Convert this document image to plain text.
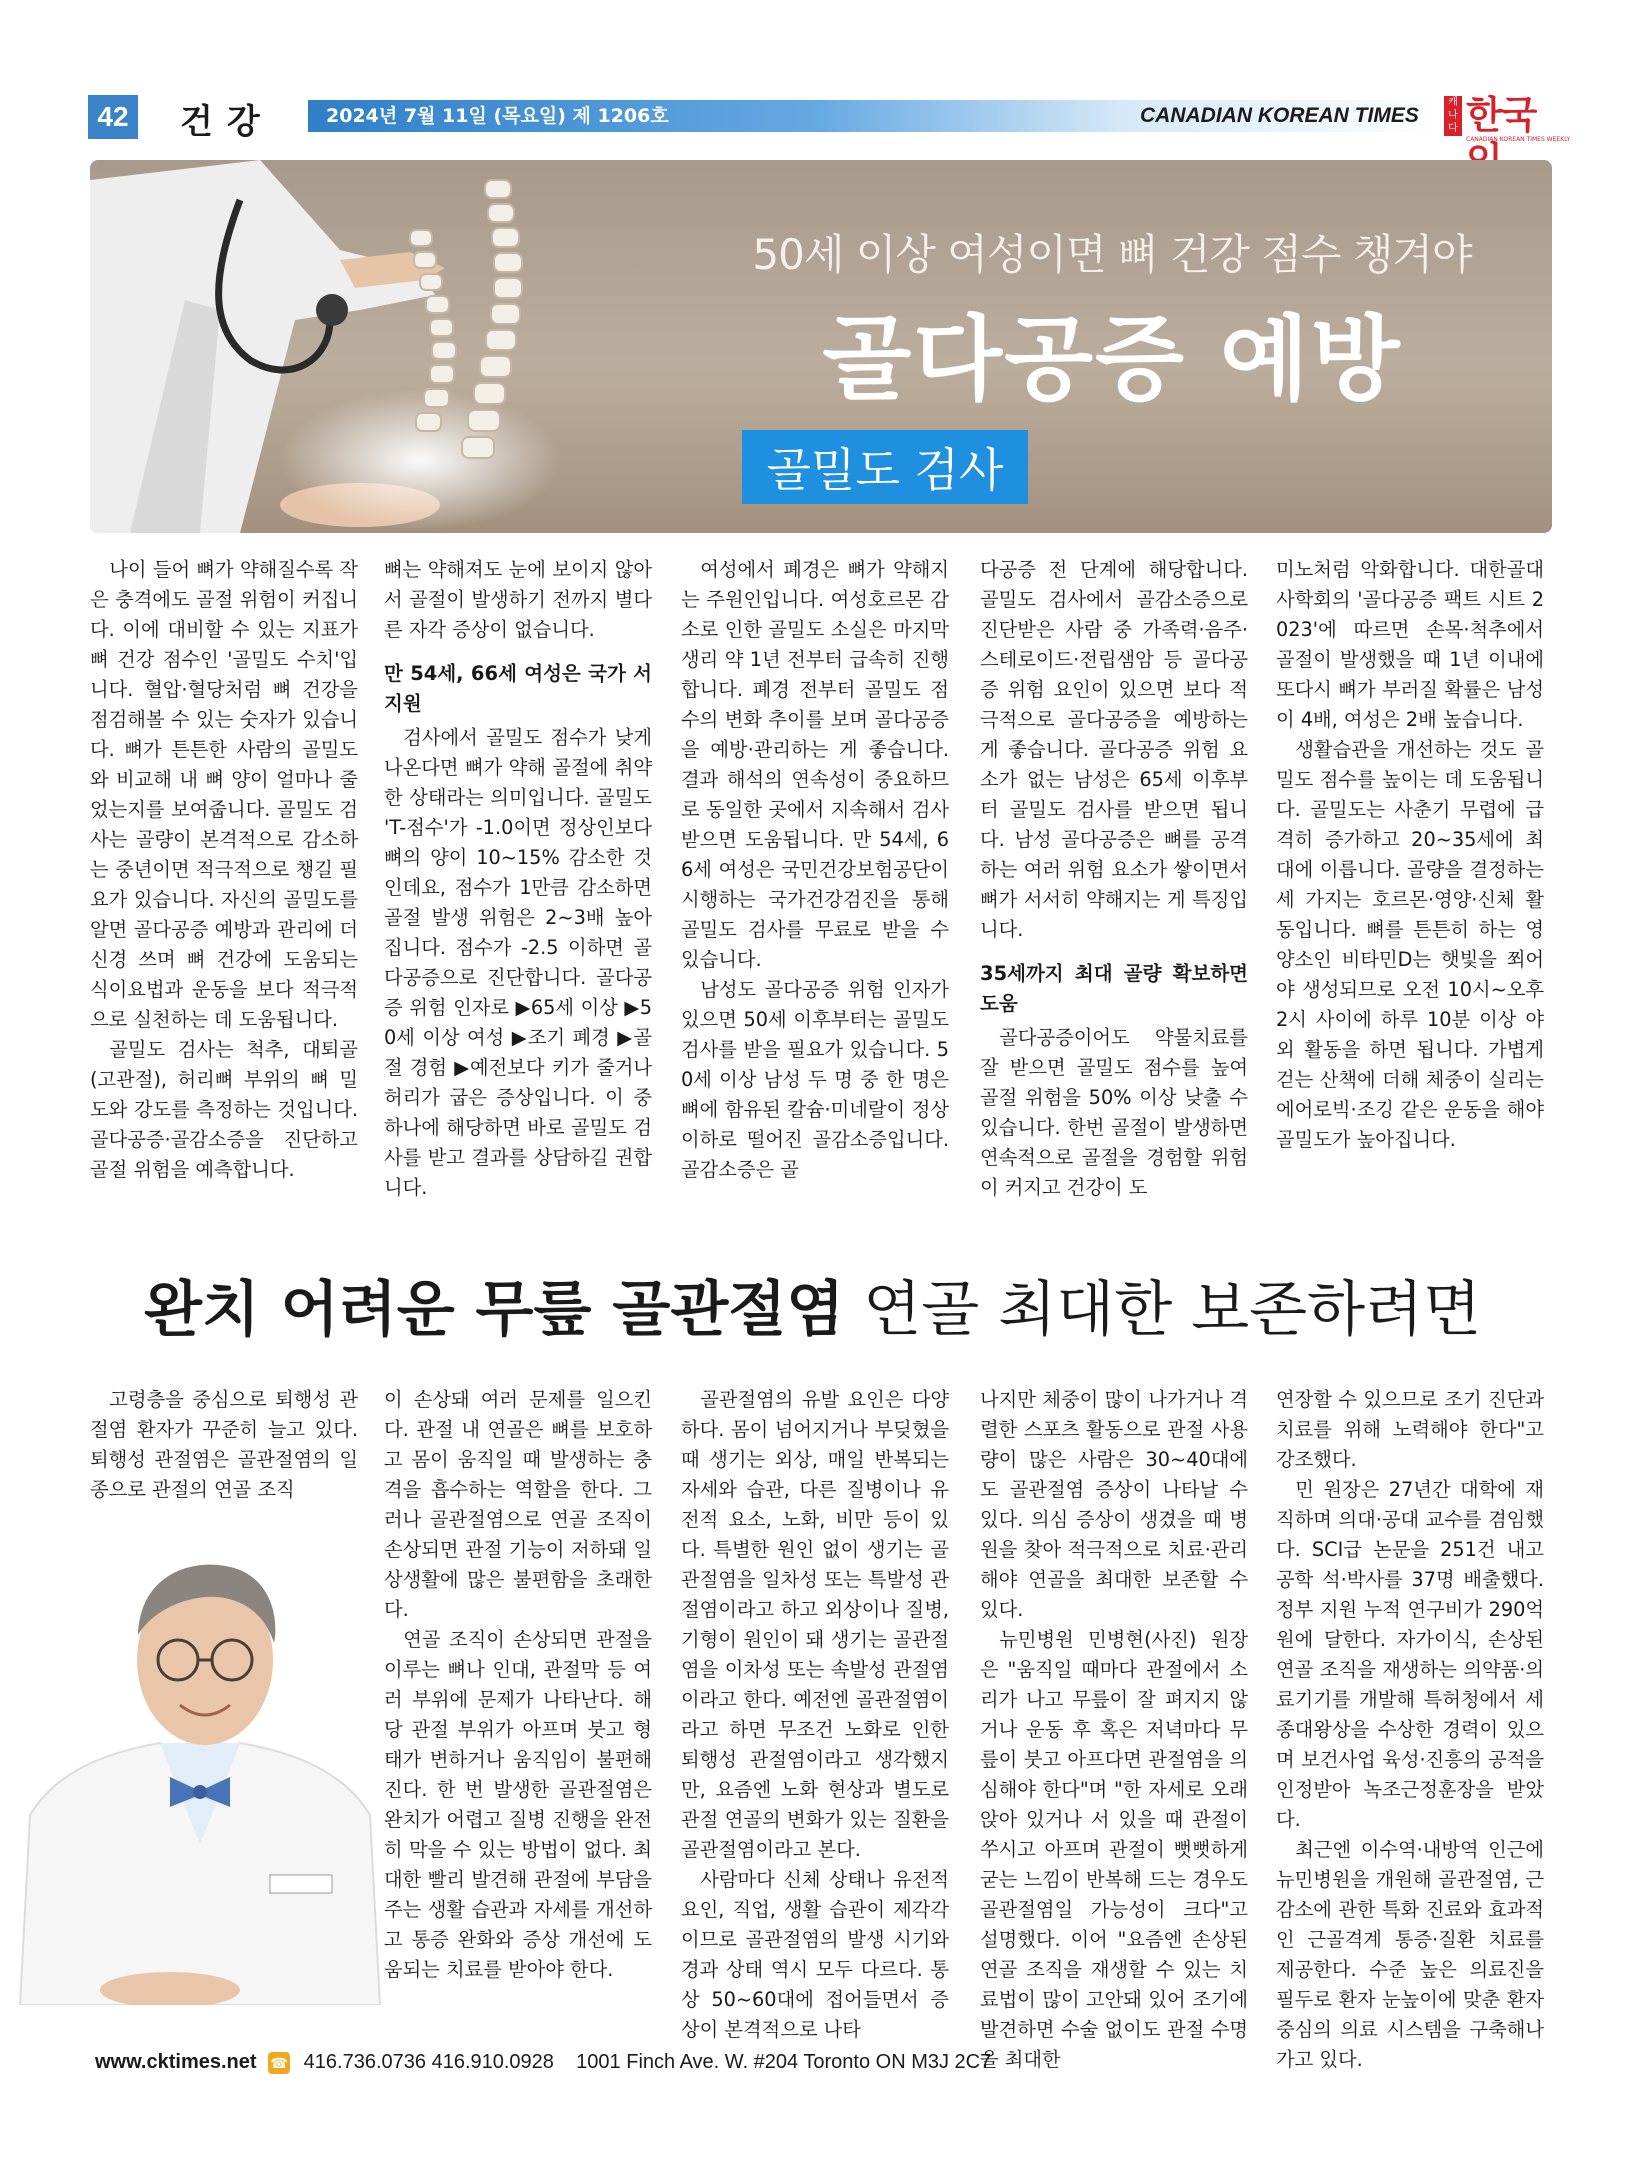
42 건강	2024년 7월 11일 (목요일) 제 1206호	CANADIAN KOREAN TIMES
캐나다 한국
CANADIAN KOREAN TIMES WEEKLY
50세 이상 여성이면 뼈 건강 점수 챙겨야
골다공증 예방
골밀도 검사

나이 들어 뼈가 약해질수록 작은 충격에도 골절 위험이 커집니다. 이에 대비할 수 있는 지표가 뼈 건강 점수인 '골밀도 수치'입니다. 혈압·혈당처럼 뼈 건강을 점검해볼 수 있는 숫자가 있습니다. 뼈가 튼튼한 사람의 골밀도와 비교해 내 뼈 양이 얼마나 줄었는지를 보여줍니다. 골밀도 검사는 골량이 본격적으로 감소하는 중년이면 적극적으로 챙길 필요가 있습니다. 자신의 골밀도를 알면 골다공증 예방과 관리에 더 신경 쓰며 뼈 건강에 도움되는 식이요법과 운동을 보다 적극적으로 실천하는 데 도움됩니다.

골밀도 검사는 척추, 대퇴골(고관절), 허리뼈 부위의 뼈 밀도와 강도를 측정하는 것입니다. 골다공증·골감소증을 진단하고 골절 위험을 예측합니다.

뼈는 약해져도 눈에 보이지 않아서 골절이 발생하기 전까지 별다른 자각 증상이 없습니다.

만 54세, 66세 여성은 국가 서 지원

검사에서 골밀도 점수가 낮게 나온다면 뼈가 약해 골절에 취약한 상태라는 의미입니다. 골밀도 'T-점수'가 -1.0이면 정상인보다 뼈의 양이 10~15% 감소한 것인데요, 점수가 1만큼 감소하면 골절 발생 위험은 2~3배 높아집니다. 점수가 -2.5 이하면 골다공증으로 진단합니다. 골다공증 위험 인자로 ▶65세 이상 ▶50세 이상 여성 ▶조기 폐경 ▶골절 경험 ▶예전보다 키가 줄거나 허리가 굽은 증상입니다. 이 중 하나에 해당하면 바로 골밀도 검사를 받고 결과를 상담하길 권합니다.

여성에서 폐경은 뼈가 약해지는 주원인입니다. 여성호르몬 감소로 인한 골밀도 소실은 마지막 생리 약 1년 전부터 급속히 진행합니다. 폐경 전부터 골밀도 점수의 변화 추이를 보며 골다공증을 예방·관리하는 게 좋습니다. 결과 해석의 연속성이 중요하므로 동일한 곳에서 지속해서 검사받으면 도움됩니다. 만 54세, 66세 여성은 국민건강보험공단이 시행하는 국가건강검진을 통해 골밀도 검사를 무료로 받을 수 있습니다.

남성도 골다공증 위험 인자가 있으면 50세 이후부터는 골밀도 검사를 받을 필요가 있습니다. 50세 이상 남성 두 명 중 한 명은 뼈에 함유된 칼슘·미네랄이 정상 이하로 떨어진 골감소증입니다. 골감소증은 골

다공증 전 단계에 해당합니다. 골밀도 검사에서 골감소증으로 진단받은 사람 중 가족력·음주·스테로이드·전립샘암 등 골다공증 위험 요인이 있으면 보다 적극적으로 골다공증을 예방하는 게 좋습니다. 골다공증 위험 요소가 없는 남성은 65세 이후부터 골밀도 검사를 받으면 됩니다. 남성 골다공증은 뼈를 공격하는 여러 위험 요소가 쌓이면서 뼈가 서서히 약해지는 게 특징입니다.

35세까지 최대 골량 확보하면 도움

골다공증이어도 약물치료를 잘 받으면 골밀도 점수를 높여 골절 위험을 50% 이상 낮출 수 있습니다. 한번 골절이 발생하면 연속적으로 골절을 경험할 위험이 커지고 건강이 도

미노처럼 악화합니다. 대한골대사학회의 '골다공증 팩트 시트 2023'에 따르면 손목·척추에서 골절이 발생했을 때 1년 이내에 또다시 뼈가 부러질 확률은 남성이 4배, 여성은 2배 높습니다.

생활습관을 개선하는 것도 골밀도 점수를 높이는 데 도움됩니다. 골밀도는 사춘기 무렵에 급격히 증가하고 20~35세에 최대에 이릅니다. 골량을 결정하는 세 가지는 호르몬·영양·신체 활동입니다. 뼈를 튼튼히 하는 영양소인 비타민D는 햇빛을 쬐어야 생성되므로 오전 10시~오후 2시 사이에 하루 10분 이상 야외 활동을 하면 됩니다. 가볍게 걷는 산책에 더해 체중이 실리는 에어로빅·조깅 같은 운동을 해야 골밀도가 높아집니다.

완치 어려운 무릎 골관절염 연골 최대한 보존하려면

고령층을 중심으로 퇴행성 관절염 환자가 꾸준히 늘고 있다. 퇴행성 관절염은 골관절염의 일종으로 관절의 연골 조직

이 손상돼 여러 문제를 일으킨다. 관절 내 연골은 뼈를 보호하고 몸이 움직일 때 발생하는 충격을 흡수하는 역할을 한다. 그러나 골관절염으로 연골 조직이 손상되면 관절 기능이 저하돼 일상생활에 많은 불편함을 초래한다.

연골 조직이 손상되면 관절을 이루는 뼈나 인대, 관절막 등 여러 부위에 문제가 나타난다. 해당 관절 부위가 아프며 붓고 형태가 변하거나 움직임이 불편해진다. 한 번 발생한 골관절염은 완치가 어렵고 질병 진행을 완전히 막을 수 있는 방법이 없다. 최대한 빨리 발견해 관절에 부담을 주는 생활 습관과 자세를 개선하고 통증 완화와 증상 개선에 도움되는 치료를 받아야 한다.

골관절염의 유발 요인은 다양하다. 몸이 넘어지거나 부딪혔을 때 생기는 외상, 매일 반복되는 자세와 습관, 다른 질병이나 유전적 요소, 노화, 비만 등이 있다. 특별한 원인 없이 생기는 골관절염을 일차성 또는 특발성 관절염이라고 하고 외상이나 질병, 기형이 원인이 돼 생기는 골관절염을 이차성 또는 속발성 관절염이라고 한다. 예전엔 골관절염이라고 하면 무조건 노화로 인한 퇴행성 관절염이라고 생각했지만, 요즘엔 노화 현상과 별도로 관절 연골의 변화가 있는 질환을 골관절염이라고 본다.

사람마다 신체 상태나 유전적 요인, 직업, 생활 습관이 제각각이므로 골관절염의 발생 시기와 경과 상태 역시 모두 다르다. 통상 50~60대에 접어들면서 증상이 본격적으로 나타

나지만 체중이 많이 나가거나 격렬한 스포츠 활동으로 관절 사용량이 많은 사람은 30~40대에도 골관절염 증상이 나타날 수 있다. 의심 증상이 생겼을 때 병원을 찾아 적극적으로 치료·관리해야 연골을 최대한 보존할 수 있다.

뉴민병원 민병현(사진) 원장은 "움직일 때마다 관절에서 소리가 나고 무릎이 잘 펴지지 않거나 운동 후 혹은 저녁마다 무릎이 붓고 아프다면 관절염을 의심해야 한다"며 "한 자세로 오래 앉아 있거나 서 있을 때 관절이 쑤시고 아프며 관절이 뻣뻣하게 굳는 느낌이 반복해 드는 경우도 골관절염일 가능성이 크다"고 설명했다. 이어 "요즘엔 손상된 연골 조직을 재생할 수 있는 치료법이 많이 고안돼 있어 조기에 발견하면 수술 없이도 관절 수명을 최대한

연장할 수 있으므로 조기 진단과 치료를 위해 노력해야 한다"고 강조했다.

민 원장은 27년간 대학에 재직하며 의대·공대 교수를 겸임했다. SCI급 논문을 251건 내고 공학 석·박사를 37명 배출했다. 정부 지원 누적 연구비가 290억 원에 달한다. 자가이식, 손상된 연골 조직을 재생하는 의약품·의료기기를 개발해 특허청에서 세종대왕상을 수상한 경력이 있으며 보건사업 육성·진흥의 공적을 인정받아 녹조근정훈장을 받았다.

최근엔 이수역·내방역 인근에 뉴민병원을 개원해 골관절염, 근감소에 관한 특화 진료와 효과적인 근골격계 통증·질환 치료를 제공한다. 수준 높은 의료진을 필두로 환자 눈높이에 맞춘 환자 중심의 의료 시스템을 구축해나가고 있다.

www.cktimes.net ☎ 416.736.0736 416.910.0928 1001 Finch Ave. W. #204 Toronto ON M3J 2C7
